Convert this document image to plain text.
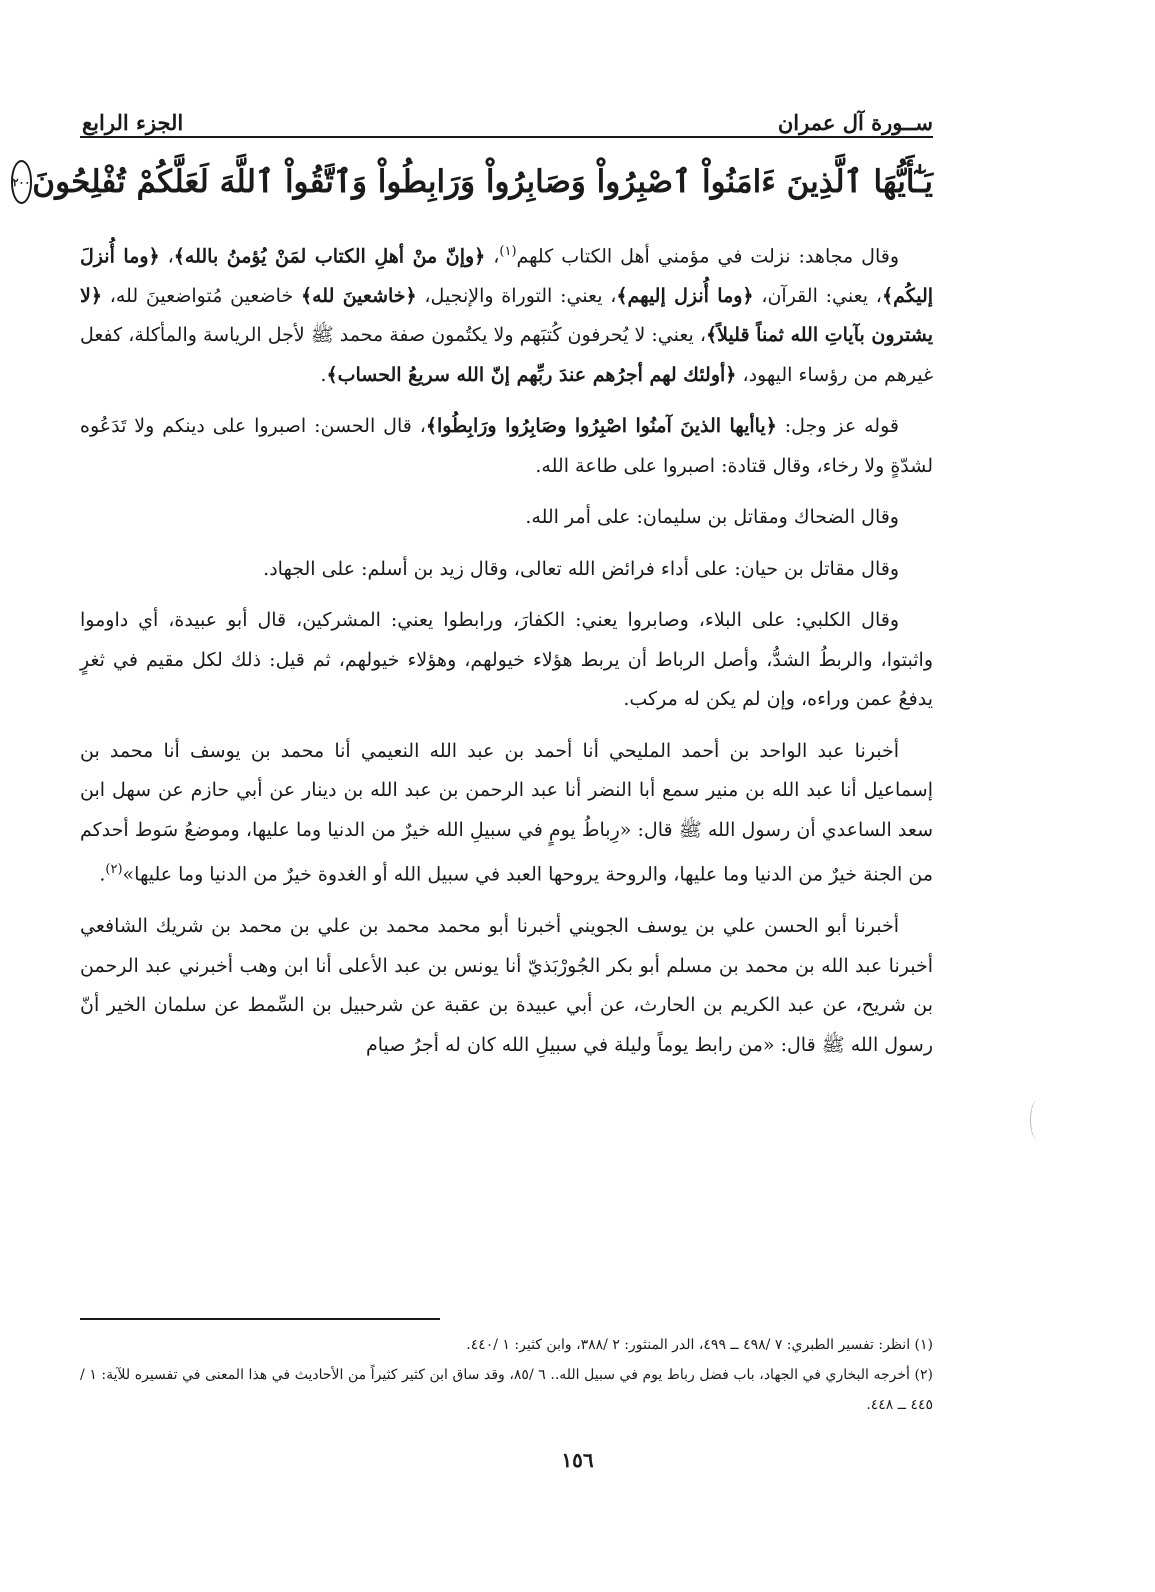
ســورة آل عمران
الجزء الرابع
يَـٰٓأَيُّهَا ٱلَّذِينَ ءَامَنُواْ ٱصْبِرُواْ وَصَابِرُواْ وَرَابِطُواْ وَٱتَّقُواْ ٱللَّهَ لَعَلَّكُمْ تُفْلِحُونَ
٢٠٠

وقال مجاهد: نزلت في مؤمني أهل الكتاب كلهم$^{(١)}$، ﴿وإنّ منْ أهلِ الكتاب لمَنْ يُؤمنُ بالله﴾، ﴿وما أُنزلَ إليكُم﴾، يعني: القرآن، ﴿وما أُنزل إليهم﴾، يعني: التوراة والإنجيل، ﴿خاشعينَ لله﴾ خاضعين مُتواضعينَ لله، ﴿لا يشترون بآياتِ الله ثمناً قليلاً﴾، يعني: لا يُحرفون كُتبَهم ولا يكتُمون صفة محمد ﷺ لأجل الرياسة والمأكلة، كفعل غيرهم من رؤساء اليهود، ﴿أولئك لهم أجرُهم عندَ ربِّهم إنّ الله سريعُ الحساب﴾.

قوله عز وجل: ﴿ياأيها الذينَ آمنُوا اصْبِرُوا وصَابِرُوا ورَابِطُوا﴾، قال الحسن: اصبروا على دينكم ولا تَدَعُوه لشدّةٍ ولا رخاء، وقال قتادة: اصبروا على طاعة الله.

وقال الضحاك ومقاتل بن سليمان: على أمر الله.

وقال مقاتل بن حيان: على أداء فرائض الله تعالى، وقال زيد بن أسلم: على الجهاد.

وقال الكلبي: على البلاء، وصابروا يعني: الكفارَ، ورابطوا يعني: المشركين، قال أبو عبيدة، أي داوموا واثبتوا، والربطُ الشدُّ، وأصل الرباط أن يربط هؤلاء خيولهم، وهؤلاء خيولهم، ثم قيل: ذلك لكل مقيم في ثغرٍ يدفعُ عمن وراءه، وإن لم يكن له مركب.

أخبرنا عبد الواحد بن أحمد المليحي أنا أحمد بن عبد الله النعيمي أنا محمد بن يوسف أنا محمد بن إسماعيل أنا عبد الله بن منير سمع أبا النضر أنا عبد الرحمن بن عبد الله بن دينار عن أبي حازم عن سهل ابن سعد الساعدي أن رسول الله ﷺ قال: «رِباطُ يومٍ في سبيلِ الله خيرٌ من الدنيا وما عليها، وموضعُ سَوط أحدكم من الجنة خيرٌ من الدنيا وما عليها، والروحة يروحها العبد في سبيل الله أو الغدوة خيرٌ من الدنيا وما عليها»$^{(٢)}$.

أخبرنا أبو الحسن علي بن يوسف الجويني أخبرنا أبو محمد محمد بن علي بن محمد بن شريك الشافعي أخبرنا عبد الله بن محمد بن مسلم أبو بكر الجُورْبَذيّ أنا يونس بن عبد الأعلى أنا ابن وهب أخبرني عبد الرحمن بن شريح، عن عبد الكريم بن الحارث، عن أبي عبيدة بن عقبة عن شرحبيل بن السِّمط عن سلمان الخير أنّ رسول الله ﷺ قال: «من رابط يوماً وليلة في سبيلِ الله كان له أجرُ صيام

(١) انظر: تفسير الطبري: ٧ /٤٩٨ ــ ٤٩٩، الدر المنثور: ٢ /٣٨٨، وابن كثير: ١ /٤٤٠.

(٢) أخرجه البخاري في الجهاد، باب فضل رباط يوم في سبيل الله.. ٦ /٨٥، وقد ساق ابن كثير كثيراً من الأحاديث في هذا المعنى في تفسيره للآية: ١ /٤٤٥ ــ ٤٤٨.

١٥٦
